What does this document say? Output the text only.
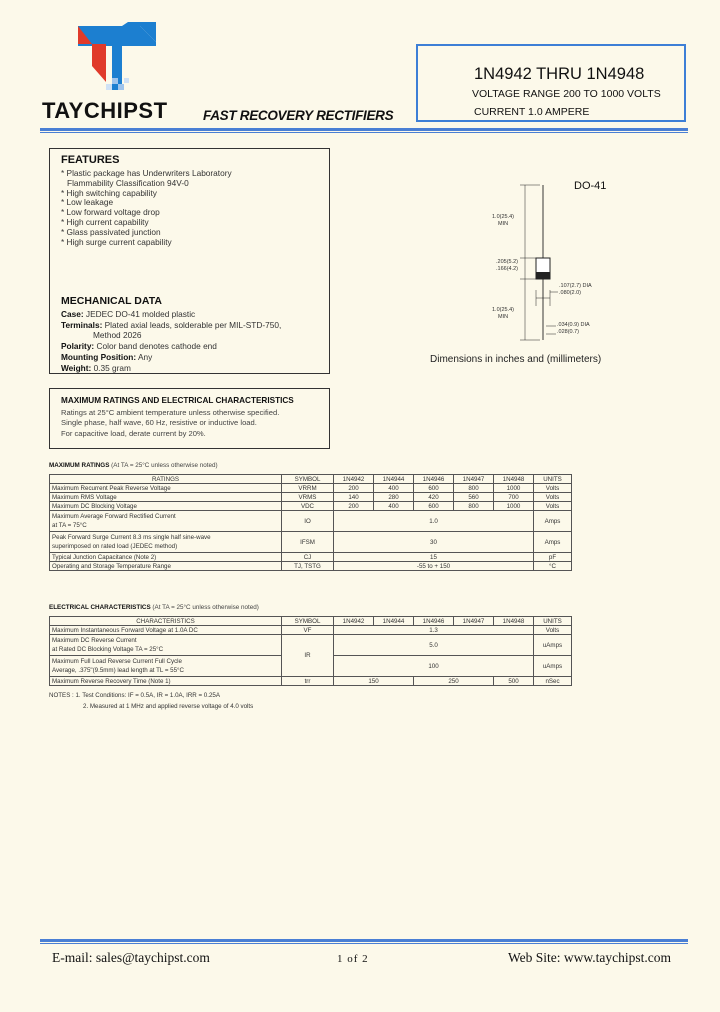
TAYCHIPST	FAST RECOVERY RECTIFIERS
1N4942 THRU 1N4948
VOLTAGE RANGE 200 TO 1000 VOLTS
CURRENT 1.0 AMPERE
FEATURES
* Plastic package has Underwriters Laboratory
Flammability Classification 94V-0
* High switching capability
* Low leakage
* Low forward voltage drop
* High current capability
* Glass passivated junction
* High surge current capability
MECHANICAL DATA
Case: JEDEC DO-41 molded plastic
Terminals: Plated axial leads, solderable per MIL-STD-750,
Method 2026
Polarity: Color band denotes cathode end
Mounting Position: Any
Weight: 0.35 gram
DO-41
1.0(25.4)
MIN
.205(5.2)
.166(4.2)
.107(2.7) DIA
.080(2.0)
1.0(25.4)
MIN
.034(0.9) DIA
.028(0.7)
Dimensions in inches and (millimeters)
MAXIMUM RATINGS AND ELECTRICAL CHARACTERISTICS
Ratings at 25°C ambient temperature unless otherwise specified.
Single phase, half wave, 60 Hz, resistive or inductive load.
For capacitive load, derate current by 20%.
MAXIMUM RATINGS (At TA = 25°C unless otherwise noted)
RATINGS	SYMBOL	1N4942	1N4944	1N4946	1N4947	1N4948	UNITS
Maximum Recurrent Peak Reverse Voltage	VRRM	200	400	600	800	1000	Volts
Maximum RMS Voltage	VRMS	140	280	420	560	700	Volts
Maximum DC Blocking Voltage	VDC	200	400	600	800	1000	Volts

Maximum Average Forward Rectified Current
at TA = 75°C	IO	1.0					Amps

Peak Forward Surge Current 8.3 ms single half sine-wave
superimposed on rated load (JEDEC method)	IFSM	30					Amps
Typical Junction Capacitance (Note 2)	CJ	15					pF
Operating and Storage Temperature Range	TJ, TSTG	-55 to + 150					°C
ELECTRICAL CHARACTERISTICS (At TA = 25°C unless otherwise noted)
CHARACTERISTICS	SYMBOL	1N4942	1N4944	1N4946	1N4947	1N4948	UNITS
Maximum Instantaneous Forward Voltage at 1.0A DC	VF	1.3					Volts

Maximum DC Reverse Current
at Rated DC Blocking Voltage TA = 25°C	IR	5.0					uAmps

Maximum Full Load Reverse Current Full Cycle
Average, .375"(9.5mm) lead length at TL = 55°C		100					uAmps
Maximum Reverse Recovery Time (Note 1)	trr	150		250		500	nSec
NOTES : 1. Test Conditions: IF = 0.5A, IR = 1.0A, IRR = 0.25A
2. Measured at 1 MHz and applied reverse voltage of 4.0 volts
E-mail: sales@taychipst.com	1 of 2	Web Site: www.taychipst.com
